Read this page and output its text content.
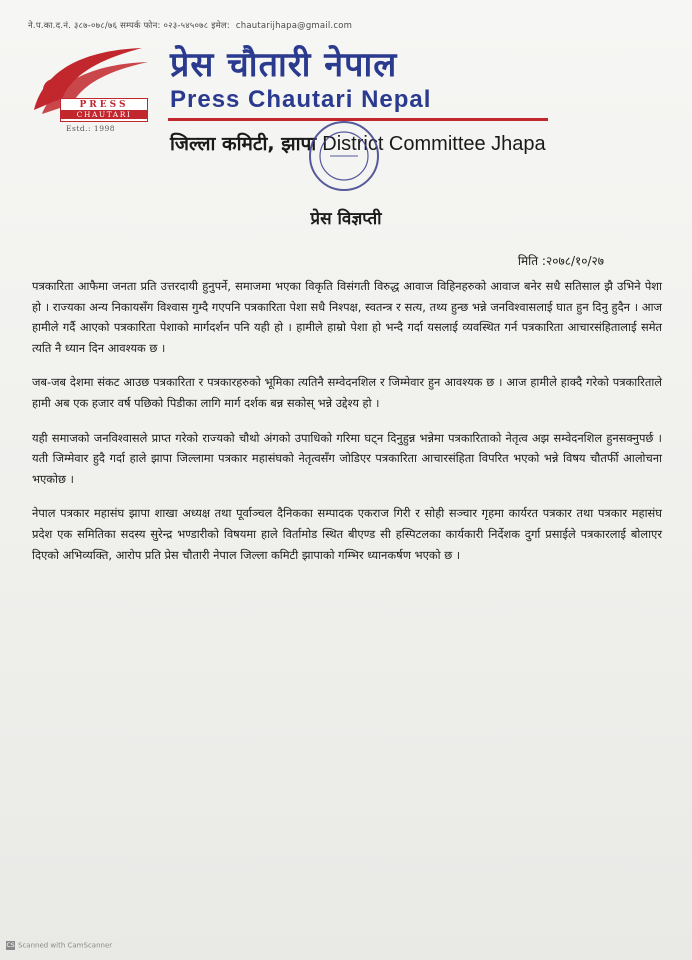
ने.प.का.द.नं. ३८७-०७८/७६ सम्पर्क फोन: ०२३-५४५०७८ इमेल: chautarijhapa@gmail.com
PRESS
CHAUTARI
Estd.: 1998
प्रेस चौतारी नेपाल
Press Chautari Nepal
जिल्ला कमिटी, झापा District Committee Jhapa
प्रेस विज्ञप्ती
मिति :२०७८/१०/२७

पत्रकारिता आफैमा जनता प्रति उत्तरदायी हुनुपर्ने, समाजमा भएका विकृति विसंगती विरुद्ध आवाज विहिनहरुको आवाज बनेर सधै सतिसाल झै उभिने पेशा हो । राज्यका अन्य निकायसँग विश्वास गुम्दै गएपनि पत्रकारिता पेशा सधै निश्पक्ष, स्वतन्त्र र सत्य, तथ्य हुन्छ भन्ने जनविश्वासलाई घात हुन दिनु हुदैन । आज हामीले गर्दै आएको पत्रकारिता पेशाको मार्गदर्शन पनि यही हो । हामीले हाम्रो पेशा हो भन्दै गर्दा यसलाई व्यवस्थित गर्न पत्रकारिता आचारसंहितालाई समेत त्यति नै ध्यान दिन आवश्यक छ ।

जब-जब देशमा संकट आउछ पत्रकारिता र पत्रकारहरुको भूमिका त्यतिनै सम्वेदनशिल र जिम्मेवार हुन आवश्यक छ । आज हामीले हाक्दै गरेको पत्रकारिताले हामी अब एक हजार वर्ष पछिको पिडीका लागि मार्ग दर्शक बन्न सकोस् भन्ने उद्देश्य हो ।

यही समाजको जनविश्वासले प्राप्त गरेको राज्यको चौथो अंगको उपाधिको गरिमा घट्न दिनुहुन्न भन्नेमा पत्रकारिताको नेतृत्व अझ सम्वेदनशिल हुनसक्नुपर्छ । यती जिम्मेवार हुदै गर्दा हाले झापा जिल्लामा पत्रकार महासंघको नेतृत्वसँग जोडिएर पत्रकारिता आचारसंहिता विपरित भएको भन्ने विषय चौतर्फी आलोचना भएकोछ ।

नेपाल पत्रकार महासंघ झापा शाखा अध्यक्ष तथा पूर्वाञ्चल दैनिकका सम्पादक एकराज गिरी र सोही सञ्चार गृहमा कार्यरत पत्रकार तथा पत्रकार महासंघ प्रदेश एक समितिका सदस्य सुरेन्द्र भण्डारीको विषयमा हाले विर्तामोड स्थित बीएण्ड सी हस्पिटलका कार्यकारी निर्देशक दुर्गा प्रसाईले पत्रकारलाई बोलाएर दिएको अभिव्यक्ति, आरोप प्रति प्रेस चौतारी नेपाल जिल्ला कमिटी झापाको गम्भिर ध्यानकर्षण भएको छ ।

CS Scanned with CamScanner
